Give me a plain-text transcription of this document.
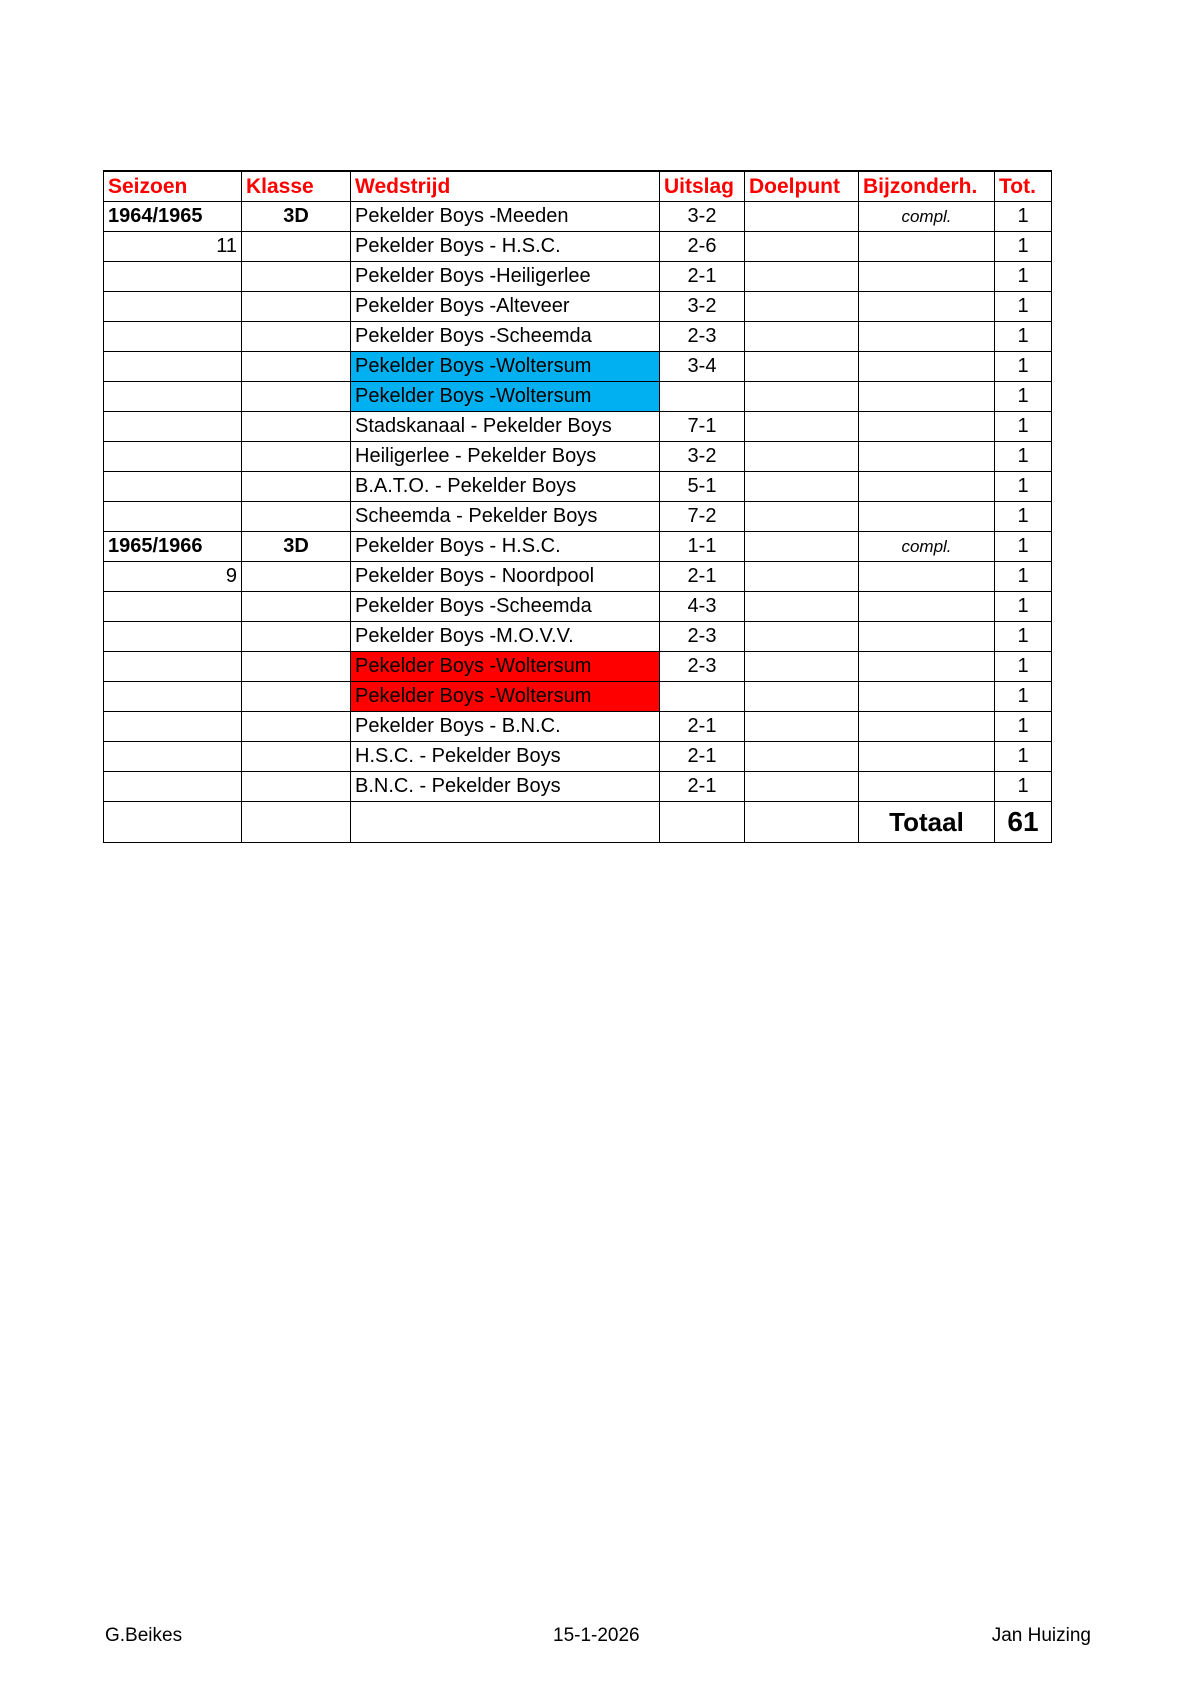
Seizoen	Klasse	Wedstrijd	Uitslag	Doelpunt	Bijzonderh.	Tot.
1964/1965	3D	Pekelder Boys -Meeden	3-2		compl.	1
11		Pekelder Boys - H.S.C.	2-6			1
		Pekelder Boys -Heiligerlee	2-1			1
		Pekelder Boys -Alteveer	3-2			1
		Pekelder Boys -Scheemda	2-3			1
		Pekelder Boys -Woltersum	3-4			1
		Pekelder Boys -Woltersum				1
		Stadskanaal - Pekelder Boys	7-1			1
		Heiligerlee - Pekelder Boys	3-2			1
		B.A.T.O. - Pekelder Boys	5-1			1
		Scheemda - Pekelder Boys	7-2			1
1965/1966	3D	Pekelder Boys - H.S.C.	1-1		compl.	1
9		Pekelder Boys - Noordpool	2-1			1
		Pekelder Boys -Scheemda	4-3			1
		Pekelder Boys -M.O.V.V.	2-3			1
		Pekelder Boys -Woltersum	2-3			1
		Pekelder Boys -Woltersum				1
		Pekelder Boys - B.N.C.	2-1			1
		H.S.C. - Pekelder Boys	2-1			1
		B.N.C. - Pekelder Boys	2-1			1
					Totaal	61
G.Beikes	15-1-2026	Jan Huizing
